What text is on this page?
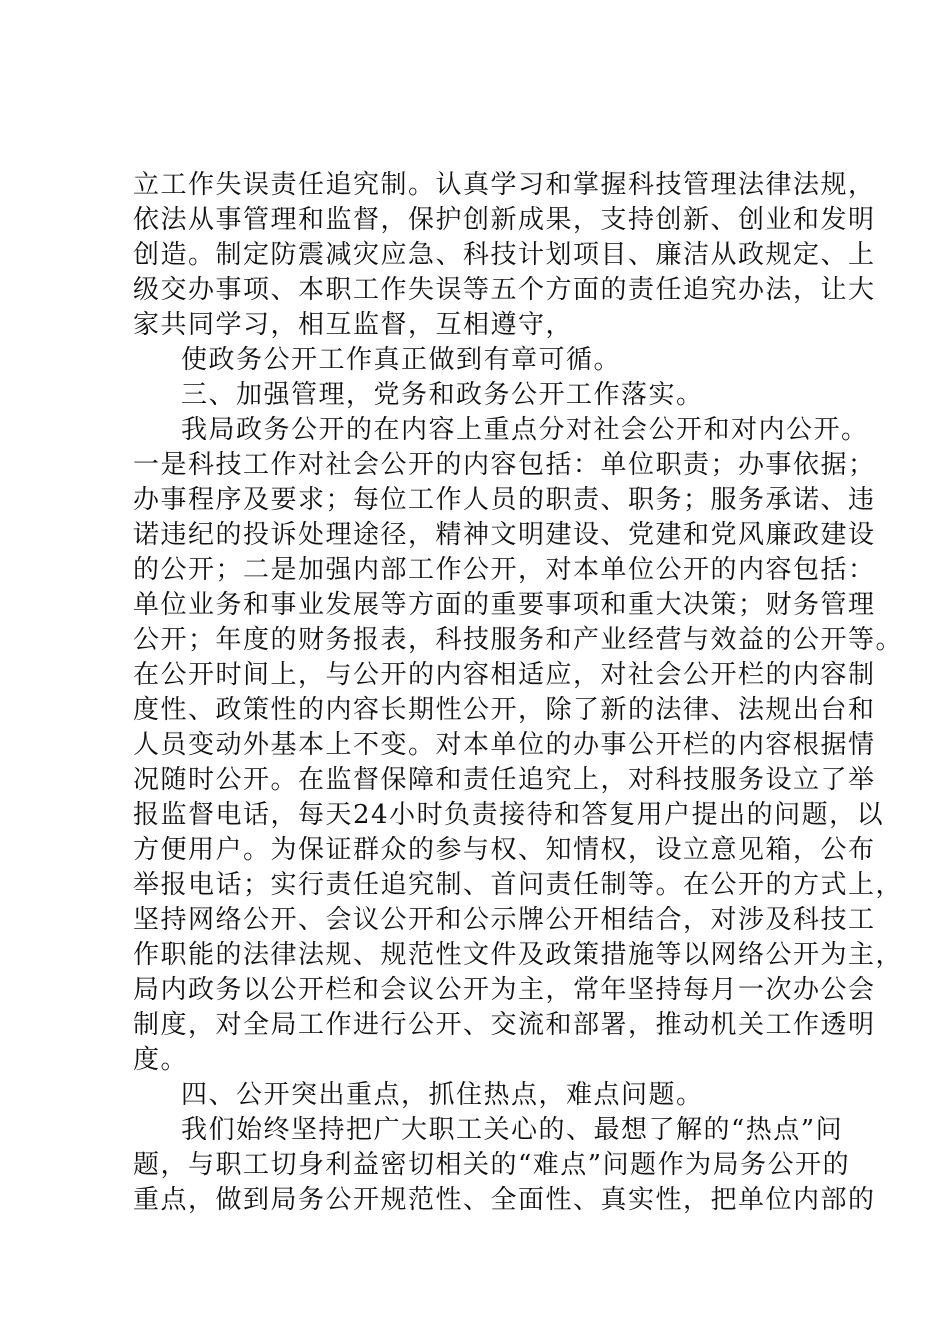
立工作失误责任追究制。认真学习和掌握科技管理法律法规，
依法从事管理和监督，保护创新成果，支持创新、创业和发明
创造。制定防震减灾应急、科技计划项目、廉洁从政规定、上
级交办事项、本职工作失误等五个方面的责任追究办法，让大
家共同学习，相互监督，互相遵守，
使政务公开工作真正做到有章可循。
三、加强管理，党务和政务公开工作落实。
我局政务公开的在内容上重点分对社会公开和对内公开。
一是科技工作对社会公开的内容包括：单位职责；办事依据；
办事程序及要求；每位工作人员的职责、职务；服务承诺、违
诺违纪的投诉处理途径，精神文明建设、党建和党风廉政建设
的公开；二是加强内部工作公开，对本单位公开的内容包括：
单位业务和事业发展等方面的重要事项和重大决策；财务管理
公开；年度的财务报表，科技服务和产业经营与效益的公开等。
在公开时间上，与公开的内容相适应，对社会公开栏的内容制
度性、政策性的内容长期性公开，除了新的法律、法规出台和
人员变动外基本上不变。对本单位的办事公开栏的内容根据情
况随时公开。在监督保障和责任追究上，对科技服务设立了举
报监督电话，每天24小时负责接待和答复用户提出的问题，以
方便用户。为保证群众的参与权、知情权，设立意见箱，公布
举报电话；实行责任追究制、首问责任制等。在公开的方式上，
坚持网络公开、会议公开和公示牌公开相结合，对涉及科技工
作职能的法律法规、规范性文件及政策措施等以网络公开为主，
局内政务以公开栏和会议公开为主，常年坚持每月一次办公会
制度，对全局工作进行公开、交流和部署，推动机关工作透明
度。
四、公开突出重点，抓住热点，难点问题。
我们始终坚持把广大职工关心的、最想了解的“热点”问
题，与职工切身利益密切相关的“难点”问题作为局务公开的
重点，做到局务公开规范性、全面性、真实性，把单位内部的
